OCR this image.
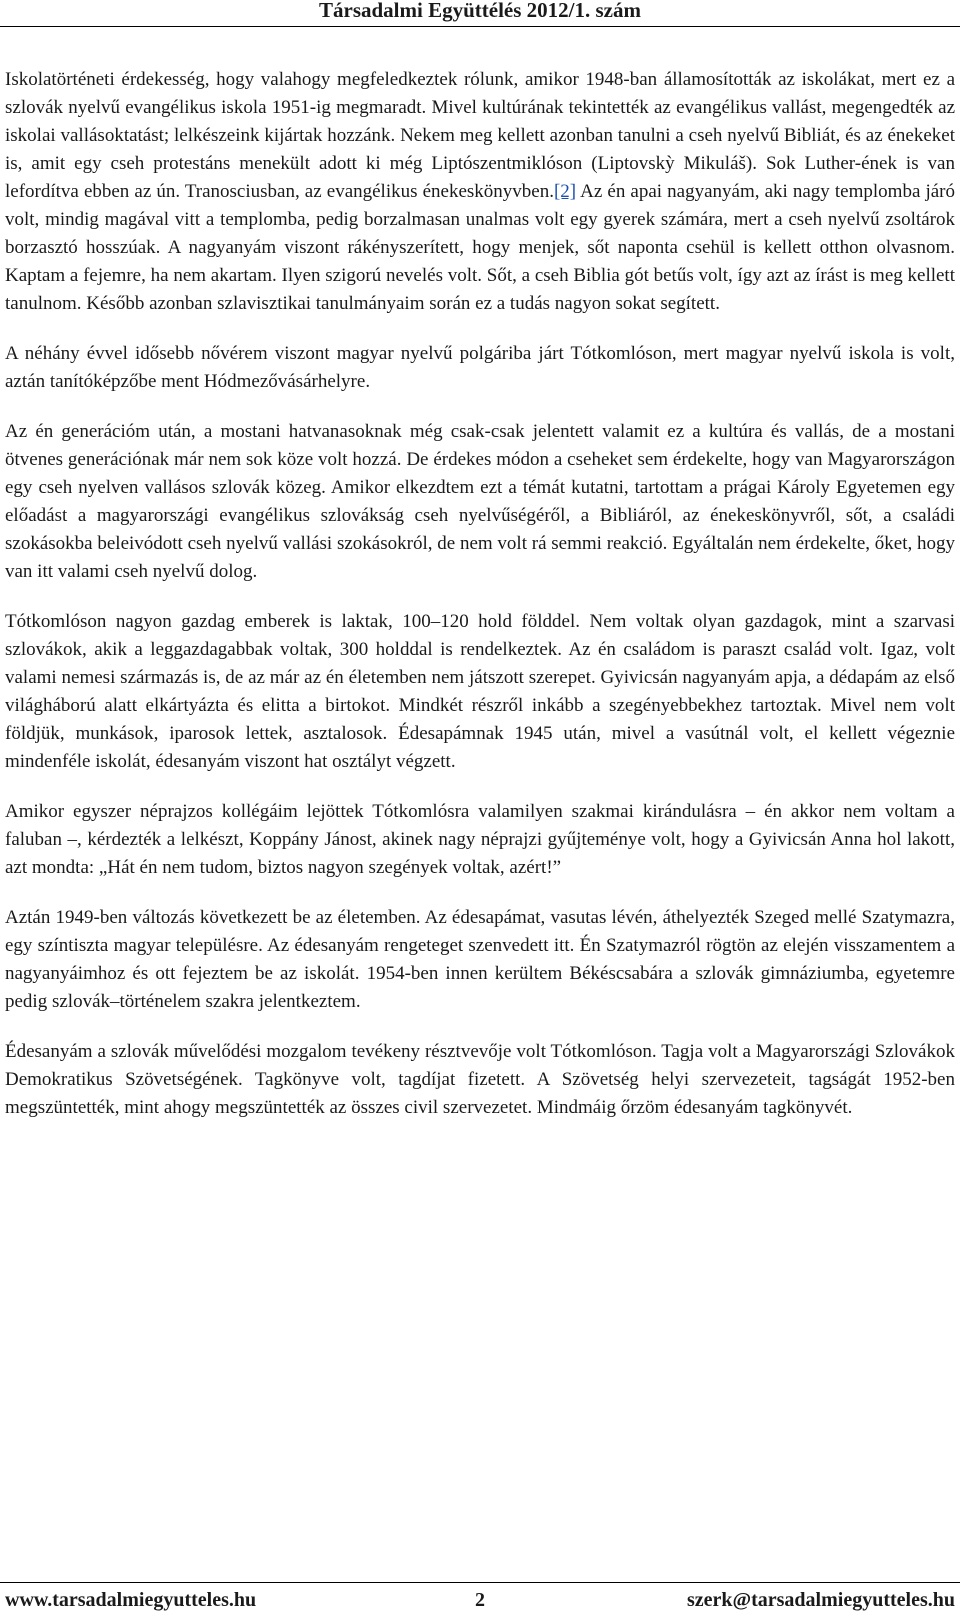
Társadalmi Együttélés 2012/1. szám

Iskolatörténeti érdekesség, hogy valahogy megfeledkeztek rólunk, amikor 1948-ban államosították az iskolákat, mert ez a szlovák nyelvű evangélikus iskola 1951-ig megmaradt. Mivel kultúrának tekintették az evangélikus vallást, megengedték az iskolai vallásoktatást; lelkészeink kijártak hozzánk. Nekem meg kellett azonban tanulni a cseh nyelvű Bibliát, és az énekeket is, amit egy cseh protestáns menekült adott ki még Liptószentmiklóson (Liptovskỳ Mikuláš). Sok Luther-ének is van lefordítva ebben az ún. Tranosciusban, az evangélikus énekeskönyvben.[2] Az én apai nagyanyám, aki nagy templomba járó volt, mindig magával vitt a templomba, pedig borzalmasan unalmas volt egy gyerek számára, mert a cseh nyelvű zsoltárok borzasztó hosszúak. A nagyanyám viszont rákényszerített, hogy menjek, sőt naponta csehül is kellett otthon olvasnom. Kaptam a fejemre, ha nem akartam. Ilyen szigorú nevelés volt. Sőt, a cseh Biblia gót betűs volt, így azt az írást is meg kellett tanulnom. Később azonban szlavisztikai tanulmányaim során ez a tudás nagyon sokat segített.

A néhány évvel idősebb nővérem viszont magyar nyelvű polgáriba járt Tótkomlóson, mert magyar nyelvű iskola is volt, aztán tanítóképzőbe ment Hódmezővásárhelyre.

Az én generációm után, a mostani hatvanasoknak még csak-csak jelentett valamit ez a kultúra és vallás, de a mostani ötvenes generációnak már nem sok köze volt hozzá. De érdekes módon a cseheket sem érdekelte, hogy van Magyarországon egy cseh nyelven vallásos szlovák közeg. Amikor elkezdtem ezt a témát kutatni, tartottam a prágai Károly Egyetemen egy előadást a magyarországi evangélikus szlovákság cseh nyelvűségéről, a Bibliáról, az énekeskönyvről, sőt, a családi szokásokba beleivódott cseh nyelvű vallási szokásokról, de nem volt rá semmi reakció. Egyáltalán nem érdekelte, őket, hogy van itt valami cseh nyelvű dolog.

Tótkomlóson nagyon gazdag emberek is laktak, 100–120 hold földdel. Nem voltak olyan gazdagok, mint a szarvasi szlovákok, akik a leggazdagabbak voltak, 300 holddal is rendelkeztek. Az én családom is paraszt család volt. Igaz, volt valami nemesi származás is, de az már az én életemben nem játszott szerepet. Gyivicsán nagyanyám apja, a dédapám az első világháború alatt elkártyázta és elitta a birtokot. Mindkét részről inkább a szegényebbekhez tartoztak. Mivel nem volt földjük, munkások, iparosok lettek, asztalosok. Édesapámnak 1945 után, mivel a vasútnál volt, el kellett végeznie mindenféle iskolát, édesanyám viszont hat osztályt végzett.

Amikor egyszer néprajzos kollégáim lejöttek Tótkomlósra valamilyen szakmai kirándulásra – én akkor nem voltam a faluban –, kérdezték a lelkészt, Koppány Jánost, akinek nagy néprajzi gyűjteménye volt, hogy a Gyivicsán Anna hol lakott, azt mondta: „Hát én nem tudom, biztos nagyon szegények voltak, azért!”

Aztán 1949-ben változás következett be az életemben. Az édesapámat, vasutas lévén, áthelyezték Szeged mellé Szatymazra, egy színtiszta magyar településre. Az édesanyám rengeteget szenvedett itt. Én Szatymazról rögtön az elején visszamentem a nagyanyáimhoz és ott fejeztem be az iskolát. 1954-ben innen kerültem Békéscsabára a szlovák gimnáziumba, egyetemre pedig szlovák–történelem szakra jelentkeztem.

Édesanyám a szlovák művelődési mozgalom tevékeny résztvevője volt Tótkomlóson. Tagja volt a Magyarországi Szlovákok Demokratikus Szövetségének. Tagkönyve volt, tagdíjat fizetett. A Szövetség helyi szervezeteit, tagságát 1952-ben megszüntették, mint ahogy megszüntették az összes civil szervezetet. Mindmáig őrzöm édesanyám tagkönyvét.

www.tarsadalmiegyutteles.hu	2	szerk@tarsadalmiegyutteles.hu
